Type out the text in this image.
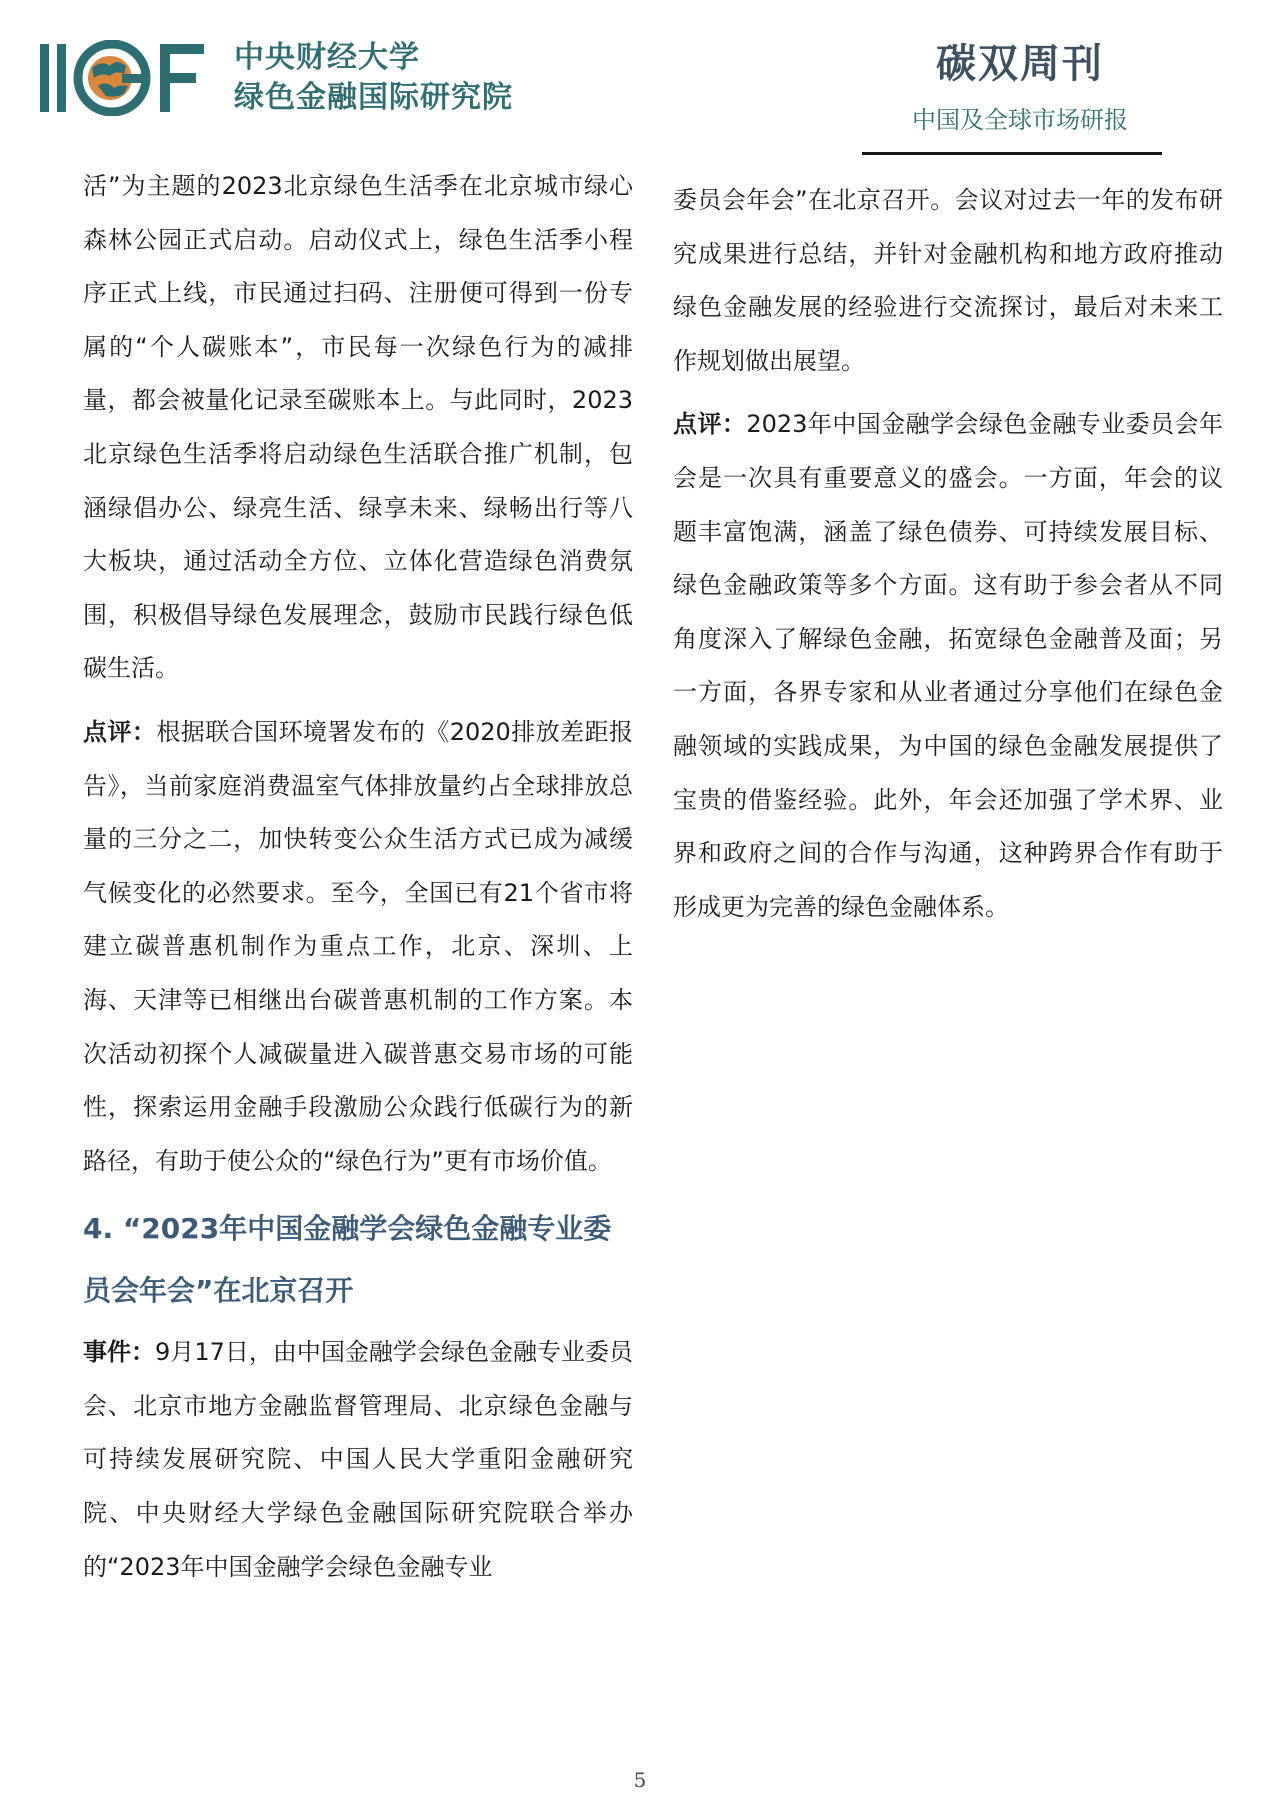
中央财经大学
绿色金融国际研究院
碳双周刊
中国及全球市场研报

活”为主题的2023北京绿色生活季在北京城市绿心森林公园正式启动。启动仪式上，绿色生活季小程序正式上线，市民通过扫码、注册便可得到一份专属的“个人碳账本”，市民每一次绿色行为的减排量，都会被量化记录至碳账本上。与此同时，2023北京绿色生活季将启动绿色生活联合推广机制，包涵绿倡办公、绿亮生活、绿享未来、绿畅出行等八大板块，通过活动全方位、立体化营造绿色消费氛围，积极倡导绿色发展理念，鼓励市民践行绿色低碳生活。

点评：根据联合国环境署发布的《2020排放差距报告》，当前家庭消费温室气体排放量约占全球排放总量的三分之二，加快转变公众生活方式已成为减缓气候变化的必然要求。至今，全国已有21个省市将建立碳普惠机制作为重点工作，北京、深圳、上海、天津等已相继出台碳普惠机制的工作方案。本次活动初探个人减碳量进入碳普惠交易市场的可能性，探索运用金融手段激励公众践行低碳行为的新路径，有助于使公众的“绿色行为”更有市场价值。

4. “2023年中国金融学会绿色金融专业委员会年会”在北京召开

事件：9月17日，由中国金融学会绿色金融专业委员会、北京市地方金融监督管理局、北京绿色金融与可持续发展研究院、中国人民大学重阳金融研究院、中央财经大学绿色金融国际研究院联合举办的“2023年中国金融学会绿色金融专业

委员会年会”在北京召开。会议对过去一年的发布研究成果进行总结，并针对金融机构和地方政府推动绿色金融发展的经验进行交流探讨，最后对未来工作规划做出展望。

点评：2023年中国金融学会绿色金融专业委员会年会是一次具有重要意义的盛会。一方面，年会的议题丰富饱满，涵盖了绿色债券、可持续发展目标、绿色金融政策等多个方面。这有助于参会者从不同角度深入了解绿色金融，拓宽绿色金融普及面；另一方面，各界专家和从业者通过分享他们在绿色金融领域的实践成果，为中国的绿色金融发展提供了宝贵的借鉴经验。此外，年会还加强了学术界、业界和政府之间的合作与沟通，这种跨界合作有助于形成更为完善的绿色金融体系。

5
